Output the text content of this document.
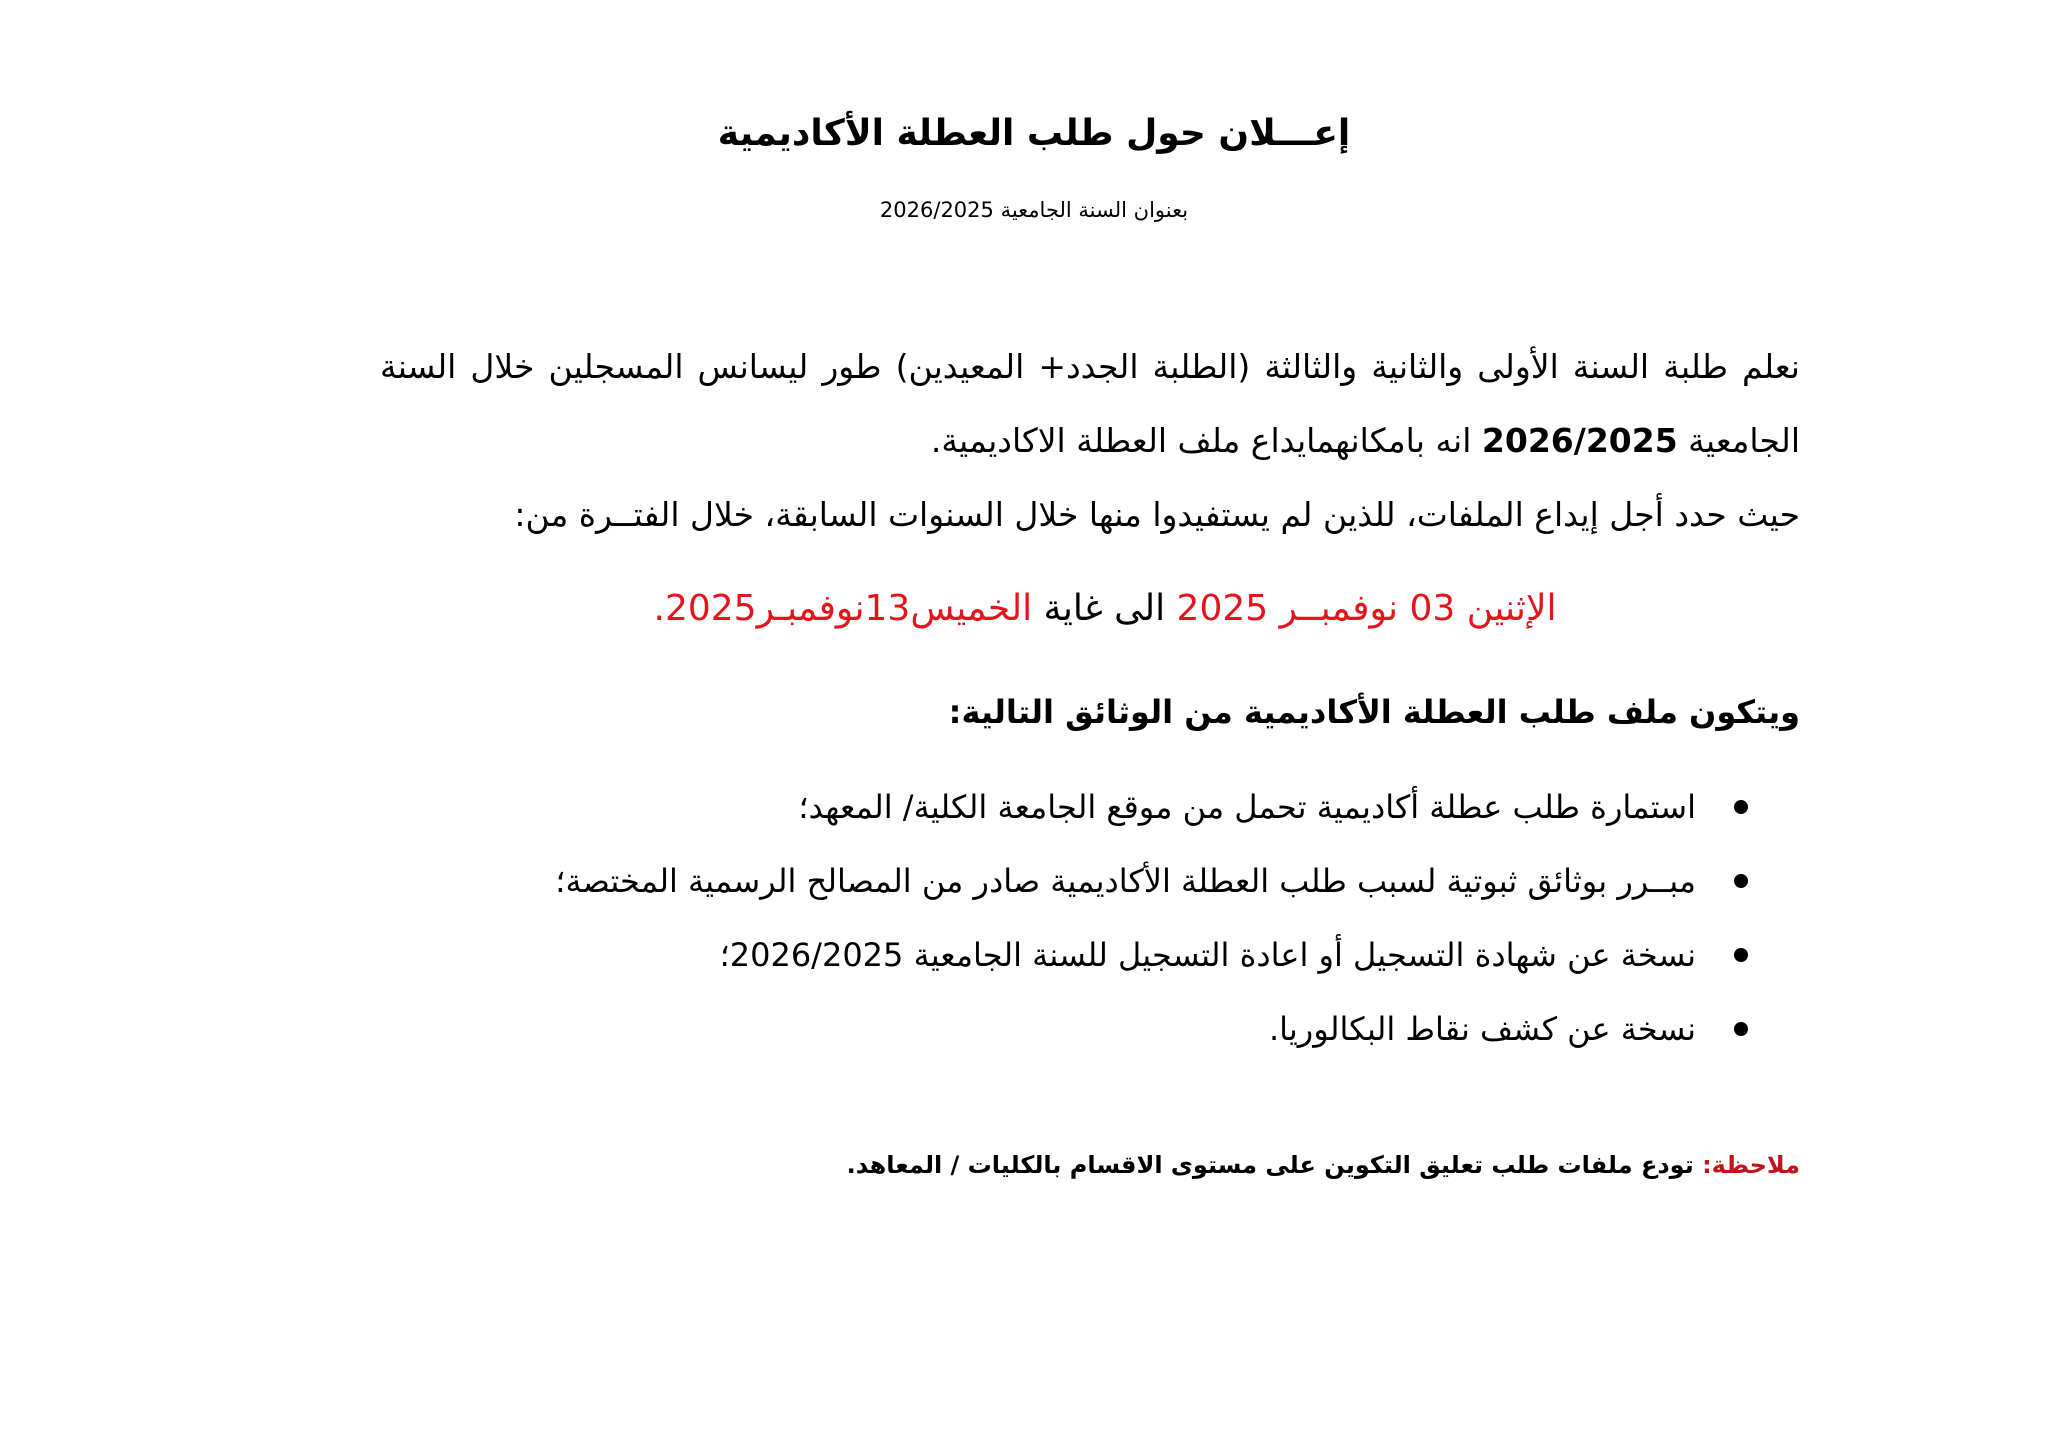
إعـــلان حول طلب العطلة الأكاديمية
بعنوان السنة الجامعية 2026/2025

نعلم طلبة السنة الأولى والثانية والثالثة (الطلبة الجدد+ المعيدين) طور ليسانس المسجلين خلال السنة

الجامعية 2026/2025 انه بامكانهمايداع ملف العطلة الاكاديمية.

حيث حدد أجل إيداع الملفات، للذين لم يستفيدوا منها خلال السنوات السابقة، خلال الفتــرة من:

الإثنين 03 نوفمبــر 2025 الى غاية الخميس13نوفمبـر2025.
ويتكون ملف طلب العطلة الأكاديمية من الوثائق التالية:
استمارة طلب عطلة أكاديمية تحمل من موقع الجامعة الكلية/ المعهد؛
مبــرر بوثائق ثبوتية لسبب طلب العطلة الأكاديمية صادر من المصالح الرسمية المختصة؛
نسخة عن شهادة التسجيل أو اعادة التسجيل للسنة الجامعية 2026/2025؛
نسخة عن كشف نقاط البكالوريا.
ملاحظة: تودع ملفات طلب تعليق التكوين على مستوى الاقسام بالكليات / المعاهد.
